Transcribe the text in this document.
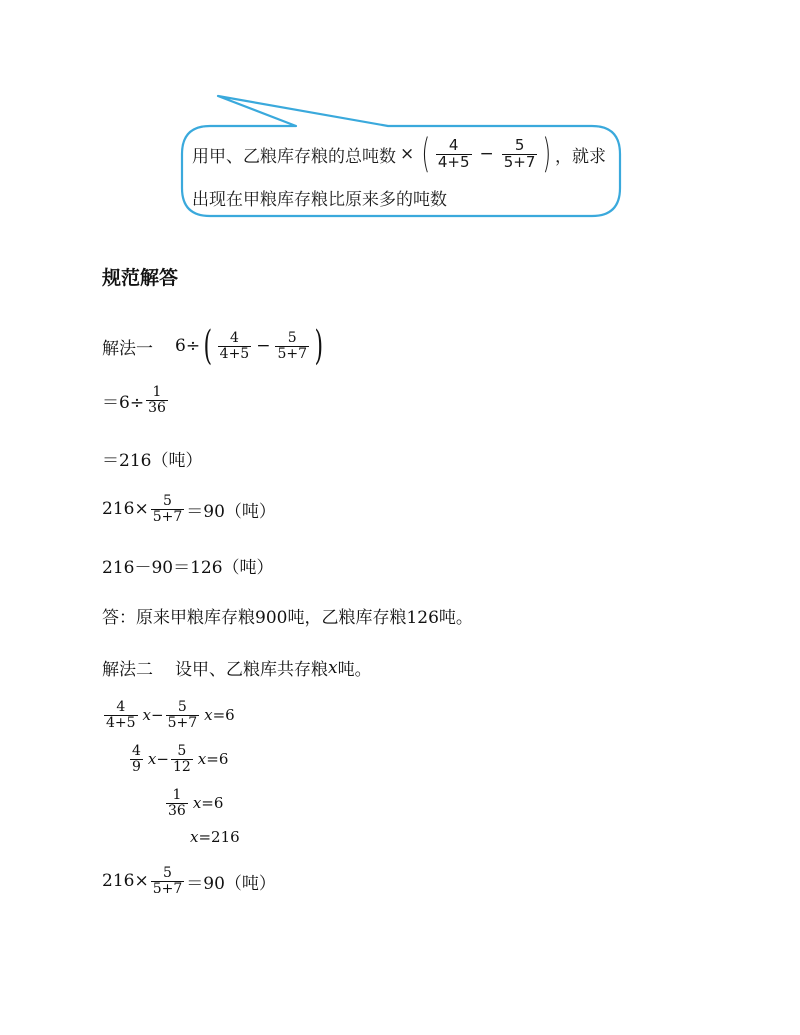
用甲、乙粮库存粮的总吨数 × ( $\frac{4}{4+5} - \frac{5}{5+7}$ ) ，就求
出现在甲粮库存粮比原来多的吨数
规范解答
解法一 6÷ ( $\frac{4}{4+5} - \frac{5}{5+7}$ )
$=6\div \frac{1}{36}$
＝216（吨）
$216\times \frac{5}{5+7} =90$（吨）
216－90＝126（吨）
答：原来甲粮库存粮900吨，乙粮库存粮126吨。
解法二 设甲、乙粮库共存粮 x 吨。
$\frac{4}{4+5}$ $x - \frac{5}{5+7}$ x =6
$\frac{4}{9}$ $x - \frac{5}{12}$ x =6
$\frac{1}{36}$ x =6
x =216
$216\times \frac{5}{5+7} =90$（吨）
